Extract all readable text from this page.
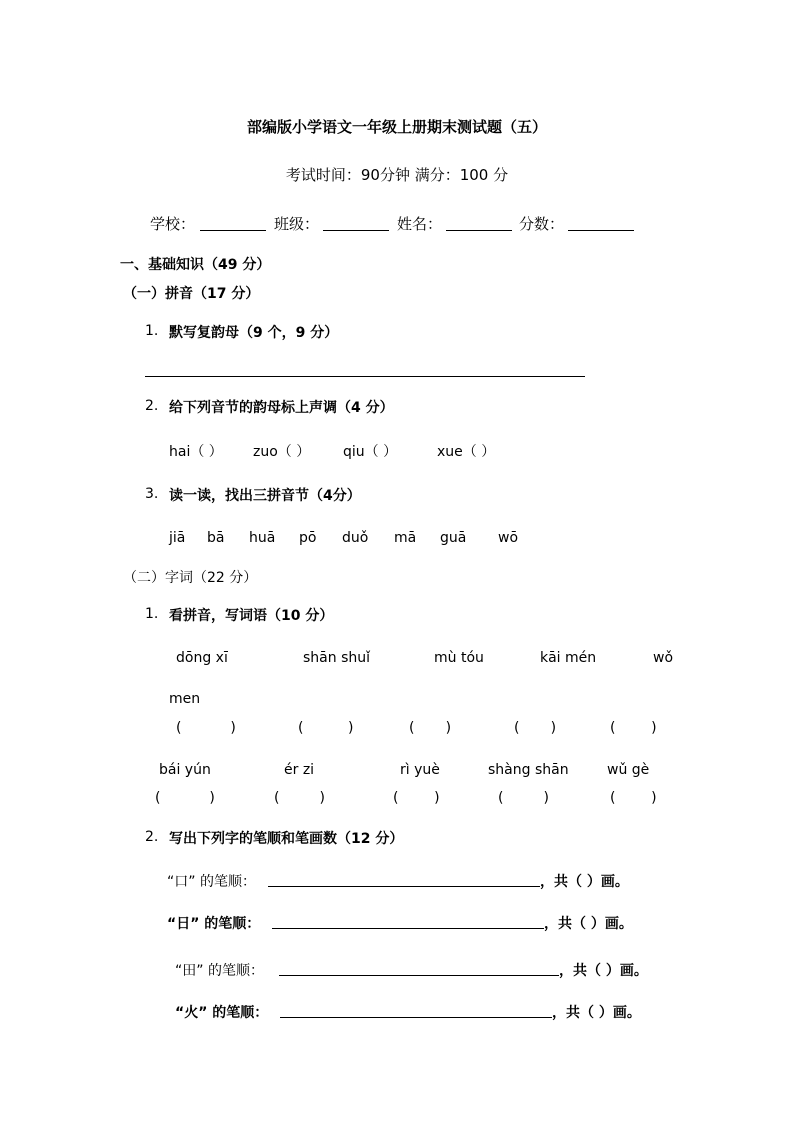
部编版小学语文一年级上册期末测试题（五）
考试时间：90分钟 满分：100 分
学校：	班级：	姓名：	分数：
一、基础知识（49 分）
（一）拼音（17 分）
1. 默写复韵母（9 个，9 分）
2. 给下列音节的韵母标上声调（4 分）
hai（ ） zuo（ ） qiu（ ）	xue（ ）
3. 读一读，找出三拼音节（4分）
jiā bā huā pō duǒ mā guā wō
（二）字词（22 分）
1. 看拼音，写词语（10 分）
dōng xī	shān shuǐ	mù tóu	kāi mén	wǒ
men
(           )	(          )	(       )	(       )	(        )
bái yún	ér zi	rì yuè	shàng shān	wǔ gè
(           )	(         )	(        )	(         )	(        )
2. 写出下列字的笔顺和笔画数（12 分）
“口” 的笔顺：	，共（ ）画。
“日” 的笔顺：	，共（ ）画。
“田” 的笔顺：	，共（ ）画。
“火” 的笔顺：	，共（ ）画。
